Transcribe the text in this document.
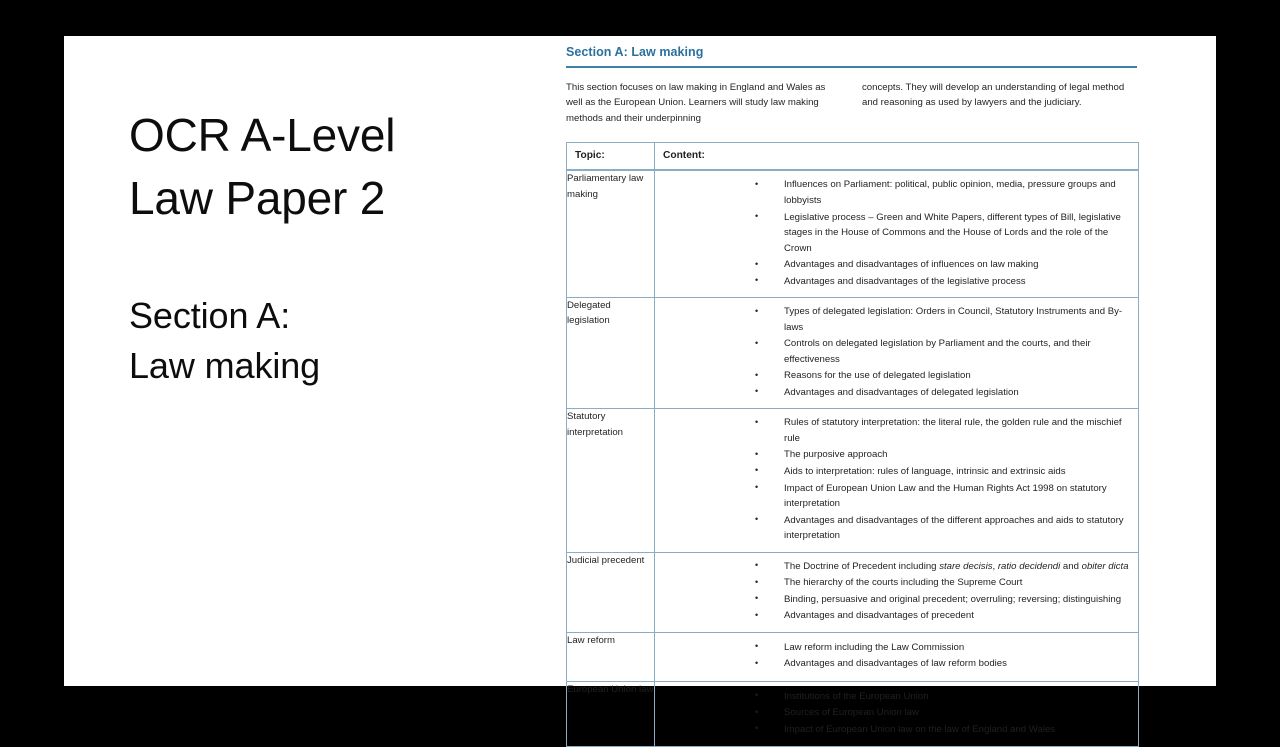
OCR A-Level
Law Paper 2
Section A:
Law making
Section A: Law making
This section focuses on law making in England and Wales as well as the European Union. Learners will study law making methods and their underpinning
concepts. They will develop an understanding of legal method and reasoning as used by lawyers and the judiciary.
Topic:	Content:
Parliamentary law making	
• Influences on Parliament: political, public opinion, media, pressure groups and lobbyists
• Legislative process – Green and White Papers, different types of Bill, legislative stages in the House of Commons and the House of Lords and the role of the Crown
• Advantages and disadvantages of influences on law making
• Advantages and disadvantages of the legislative process

Delegated legislation	
• Types of delegated legislation: Orders in Council, Statutory Instruments and By-laws
• Controls on delegated legislation by Parliament and the courts, and their effectiveness
• Reasons for the use of delegated legislation
• Advantages and disadvantages of delegated legislation

Statutory interpretation	
• Rules of statutory interpretation: the literal rule, the golden rule and the mischief rule
• The purposive approach
• Aids to interpretation: rules of language, intrinsic and extrinsic aids
• Impact of European Union Law and the Human Rights Act 1998 on statutory interpretation
• Advantages and disadvantages of the different approaches and aids to statutory interpretation

Judicial precedent	
• The Doctrine of Precedent including stare decisis, ratio decidendi and obiter dicta
• The hierarchy of the courts including the Supreme Court
• Binding, persuasive and original precedent; overruling; reversing; distinguishing
• Advantages and disadvantages of precedent

Law reform	
• Law reform including the Law Commission
• Advantages and disadvantages of law reform bodies

European Union law	
• Institutions of the European Union
• Sources of European Union law
• Impact of European Union law on the law of England and Wales
